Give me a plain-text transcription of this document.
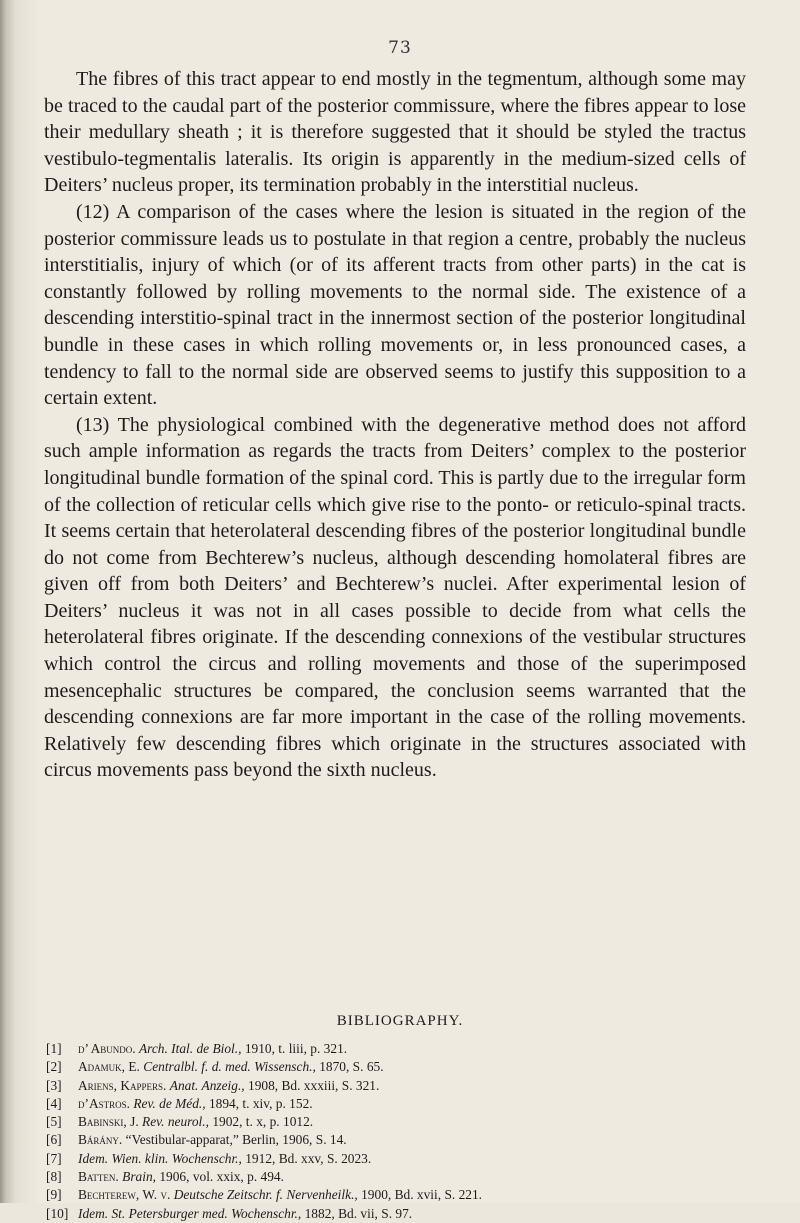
73

The fibres of this tract appear to end mostly in the tegmentum, although some may be traced to the caudal part of the posterior commissure, where the fibres appear to lose their medullary sheath ; it is therefore suggested that it should be styled the tractus vestibulo-tegmentalis lateralis. Its origin is apparently in the medium-sized cells of Deiters’ nucleus proper, its termination probably in the interstitial nucleus.

(12) A comparison of the cases where the lesion is situated in the region of the posterior commissure leads us to postulate in that region a centre, probably the nucleus interstitialis, injury of which (or of its afferent tracts from other parts) in the cat is constantly followed by rolling movements to the normal side. The existence of a descending interstitio-spinal tract in the innermost section of the posterior longitudinal bundle in these cases in which rolling movements or, in less pronounced cases, a tendency to fall to the normal side are observed seems to justify this supposition to a certain extent.

(13) The physiological combined with the degenerative method does not afford such ample information as regards the tracts from Deiters’ complex to the posterior longitudinal bundle formation of the spinal cord. This is partly due to the irregular form of the collection of reticular cells which give rise to the ponto- or reticulo-spinal tracts. It seems certain that heterolateral descending fibres of the posterior longitudinal bundle do not come from Bechterew’s nucleus, although descending homolateral fibres are given off from both Deiters’ and Bechterew’s nuclei. After experimental lesion of Deiters’ nucleus it was not in all cases possible to decide from what cells the heterolateral fibres originate. If the descending connexions of the vestibular structures which control the circus and rolling movements and those of the superimposed mesencephalic structures be compared, the conclusion seems warranted that the descending connexions are far more important in the case of the rolling movements. Relatively few descending fibres which originate in the structures associated with circus movements pass beyond the sixth nucleus.

BIBLIOGRAPHY.
[1] d’ Abundo. Arch. Ital. de Biol., 1910, t. liii, p. 321.
[2] Adamuk, E. Centralbl. f. d. med. Wissensch., 1870, S. 65.
[3] Ariens, Kappers. Anat. Anzeig., 1908, Bd. xxxiii, S. 321.
[4] d’Astros. Rev. de Méd., 1894, t. xiv, p. 152.
[5] Babinski, J. Rev. neurol., 1902, t. x, p. 1012.
[6] Bárány. “Vestibular-apparat,” Berlin, 1906, S. 14.
[7] Idem. Wien. klin. Wochenschr., 1912, Bd. xxv, S. 2023.
[8] Batten. Brain, 1906, vol. xxix, p. 494.
[9] Bechterew, W. v. Deutsche Zeitschr. f. Nervenheilk., 1900, Bd. xvii, S. 221.
[10] Idem. St. Petersburger med. Wochenschr., 1882, Bd. vii, S. 97.
